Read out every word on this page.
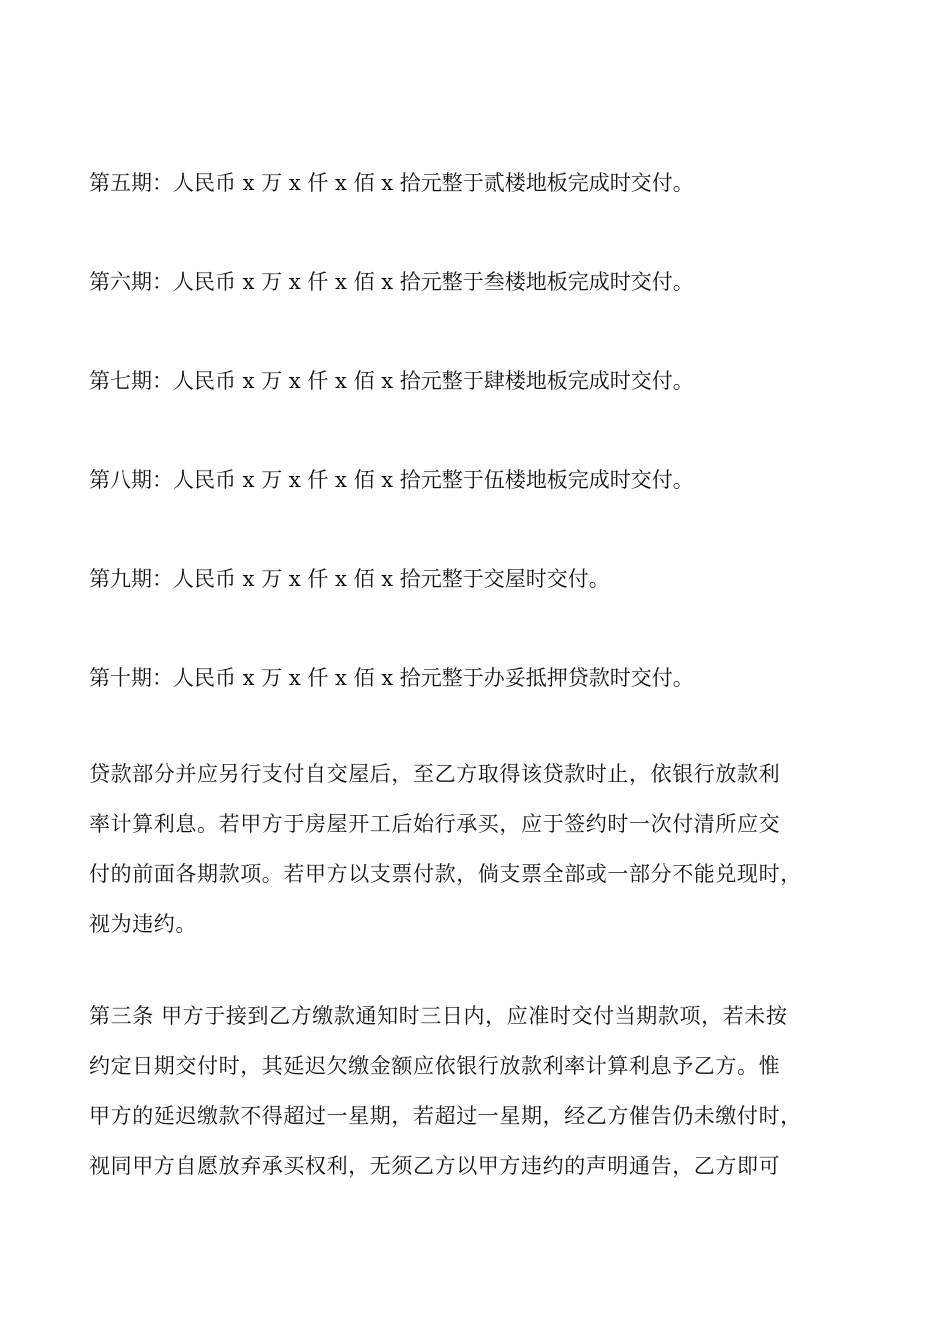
第五期：人民币 x 万 x 仟 x 佰 x 拾元整于贰楼地板完成时交付。

第六期：人民币 x 万 x 仟 x 佰 x 拾元整于叁楼地板完成时交付。

第七期：人民币 x 万 x 仟 x 佰 x 拾元整于肆楼地板完成时交付。

第八期：人民币 x 万 x 仟 x 佰 x 拾元整于伍楼地板完成时交付。

第九期：人民币 x 万 x 仟 x 佰 x 拾元整于交屋时交付。

第十期：人民币 x 万 x 仟 x 佰 x 拾元整于办妥抵押贷款时交付。

贷款部分并应另行支付自交屋后，至乙方取得该贷款时止，依银行放款利

率计算利息。若甲方于房屋开工后始行承买，应于签约时一次付清所应交

付的前面各期款项。若甲方以支票付款，倘支票全部或一部分不能兑现时，

视为违约。

第三条 甲方于接到乙方缴款通知时三日内，应准时交付当期款项，若未按

约定日期交付时，其延迟欠缴金额应依银行放款利率计算利息予乙方。惟

甲方的延迟缴款不得超过一星期，若超过一星期，经乙方催告仍未缴付时，

视同甲方自愿放弃承买权利，无须乙方以甲方违约的声明通告，乙方即可
